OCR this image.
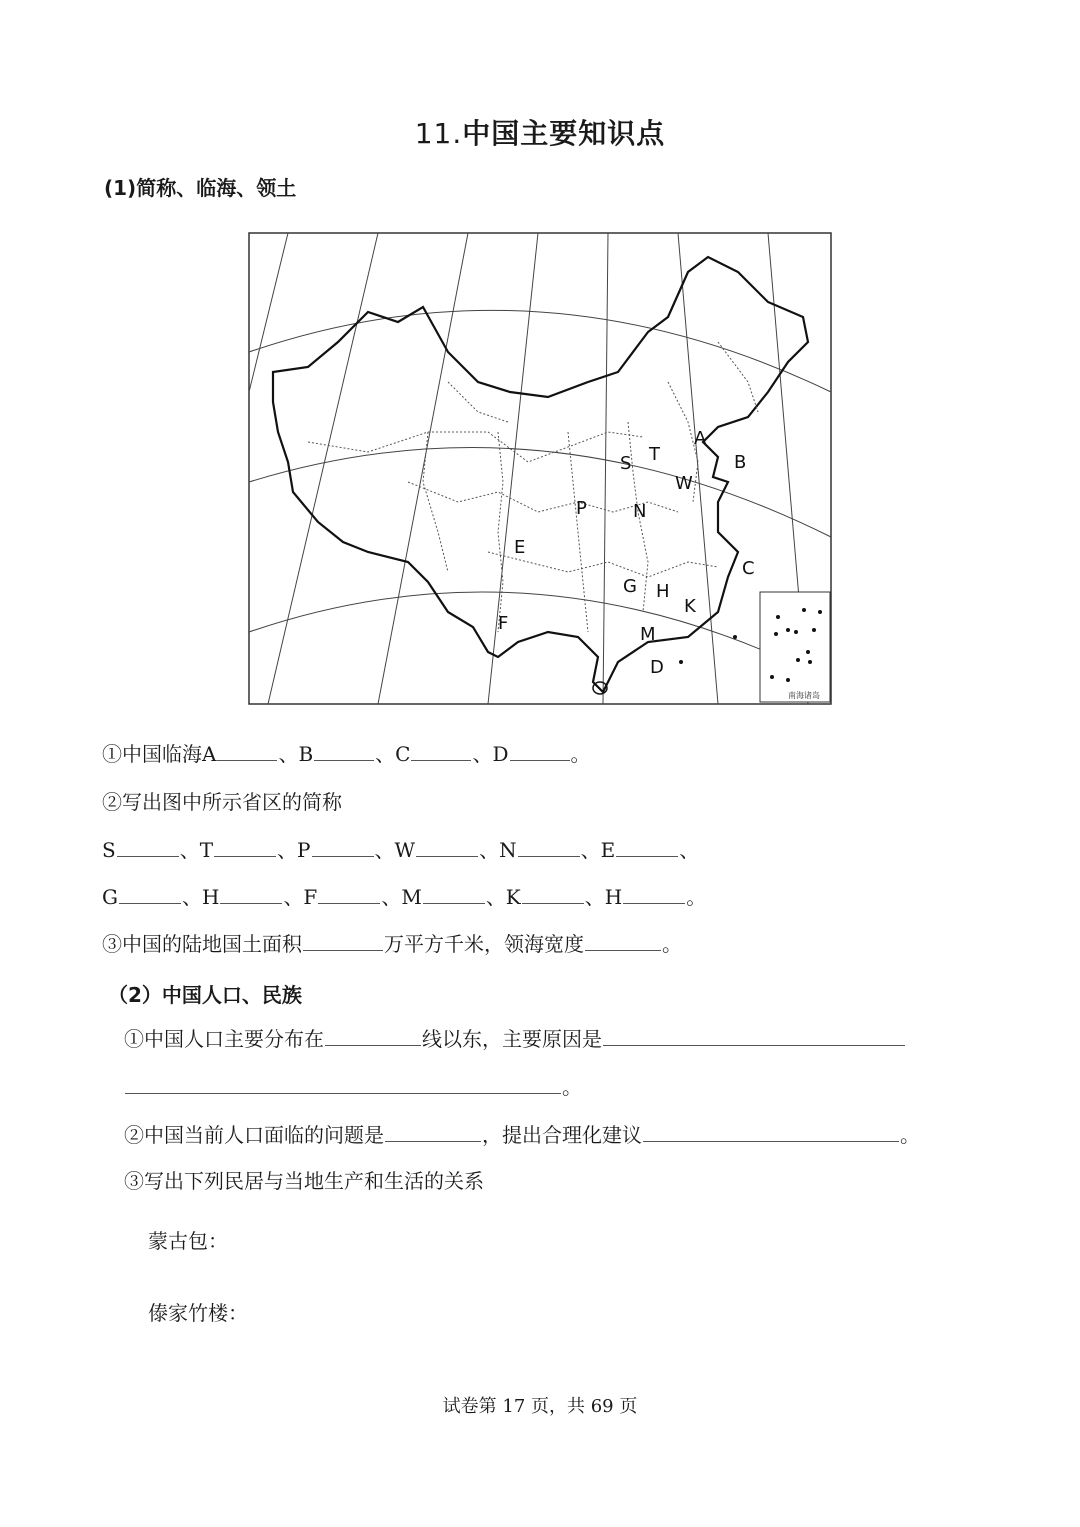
11.中国主要知识点
(1)简称、临海、领土
A
B
C
D
S T
W
P	N
E
G H
K
F
M
南海诸岛
①中国临海A	、B	、C	、D	。
②写出图中所示省区的简称
S	、T	、P	、W	、N	、E	、
G	、H	、F	、M	、K	、H	。
③中国的陆地国土面积	万平方千米，领海宽度	。
（2）中国人口、民族
①中国人口主要分布在	线以东，主要原因是
。
②中国当前人口面临的问题是	，提出合理化建议	。
③写出下列民居与当地生产和生活的关系
蒙古包：
傣家竹楼：
试卷第 17 页，共 69 页
